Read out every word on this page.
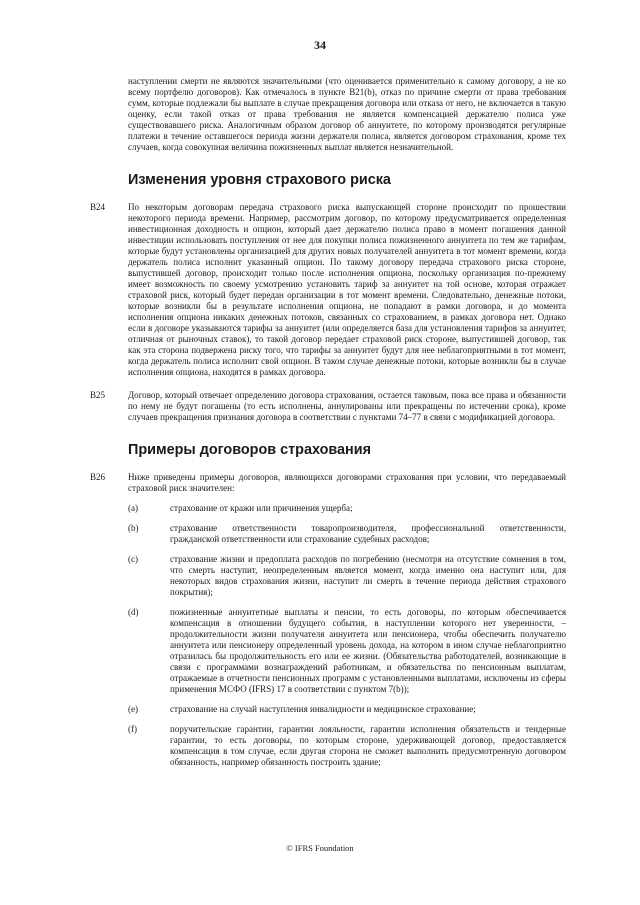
34

наступлении смерти не являются значительными (что оценивается применительно к самому договору, а не ко всему портфелю договоров). Как отмечалось в пункте B21(b), отказ по причине смерти от права требования сумм, которые подлежали бы выплате в случае прекращения договора или отказа от него, не включается в такую оценку, если такой отказ от права требования не является компенсацией держателю полиса уже существовавшего риска. Аналогичным образом договор об аннуитете, по которому производятся регулярные платежи в течение оставшегося периода жизни держателя полиса, является договором страхования, кроме тех случаев, когда совокупная величина пожизненных выплат является незначительной.

Изменения уровня страхового риска
B24	По некоторым договорам передача страхового риска выпускающей стороне происходит по прошествии некоторого периода времени. Например, рассмотрим договор, по которому предусматривается определенная инвестиционная доходность и опцион, который дает держателю полиса право в момент погашения данной инвестиции использовать поступления от нее для покупки полиса пожизненного аннуитета по тем же тарифам, которые будут установлены организацией для других новых получателей аннуитета в тот момент времени, когда держатель полиса исполнит указанный опцион. По такому договору передача страхового риска стороне, выпустившей договор, происходит только после исполнения опциона, поскольку организация по-прежнему имеет возможность по своему усмотрению установить тариф за аннуитет на той основе, которая отражает страховой риск, который будет передан организации в тот момент времени. Следовательно, денежные потоки, которые возникли бы в результате исполнения опциона, не попадают в рамки договора, и до момента исполнения опциона никаких денежных потоков, связанных со страхованием, в рамках договора нет. Однако если в договоре указываются тарифы за аннуитет (или определяется база для установления тарифов за аннуитет, отличная от рыночных ставок), то такой договор передает страховой риск стороне, выпустившей договор, так как эта сторона подвержена риску того, что тарифы за аннуитет будут для нее неблагоприятными в тот момент, когда держатель полиса исполнит свой опцион. В таком случае денежные потоки, которые возникли бы в случае исполнения опциона, находятся в рамках договора.

B25	Договор, который отвечает определению договора страхования, остается таковым, пока все права и обязанности по нему не будут погашены (то есть исполнены, аннулированы или прекращены по истечении срока), кроме случаев прекращения признания договора в соответствии с пунктами 74–77 в связи с модификацией договора.

Примеры договоров страхования
B26	Ниже приведены примеры договоров, являющихся договорами страхования при условии, что передаваемый страховой риск значителен:

(a)	страхование от кражи или причинения ущерба;

(b)	страхование ответственности товаропроизводителя, профессиональной ответственности, гражданской ответственности или страхование судебных расходов;

(c)	страхование жизни и предоплата расходов по погребению (несмотря на отсутствие сомнения в том, что смерть наступит, неопределенным является момент, когда именно она наступит или, для некоторых видов страхования жизни, наступит ли смерть в течение периода действия страхового покрытия);

(d)	пожизненные аннуитетные выплаты и пенсии, то есть договоры, по которым обеспечивается компенсация в отношении будущего события, в наступлении которого нет уверенности, – продолжительности жизни получателя аннуитета или пенсионера, чтобы обеспечить получателю аннуитета или пенсионеру определенный уровень дохода, на котором в ином случае неблагоприятно отразилась бы продолжительность его или ее жизни. (Обязательства работодателей, возникающие в связи с программами вознаграждений работникам, и обязательства по пенсионным выплатам, отражаемые в отчетности пенсионных программ с установленными выплатами, исключены из сферы применения МСФО (IFRS) 17 в соответствии с пунктом 7(b));

(e)	страхование на случай наступления инвалидности и медицинское страхование;

(f)	поручительские гарантии, гарантии лояльности, гарантии исполнения обязательств и тендерные гарантии, то есть договоры, по которым стороне, удерживающей договор, предоставляется компенсация в том случае, если другая сторона не сможет выполнить предусмотренную договором обязанность, например обязанность построить здание;

© IFRS Foundation
